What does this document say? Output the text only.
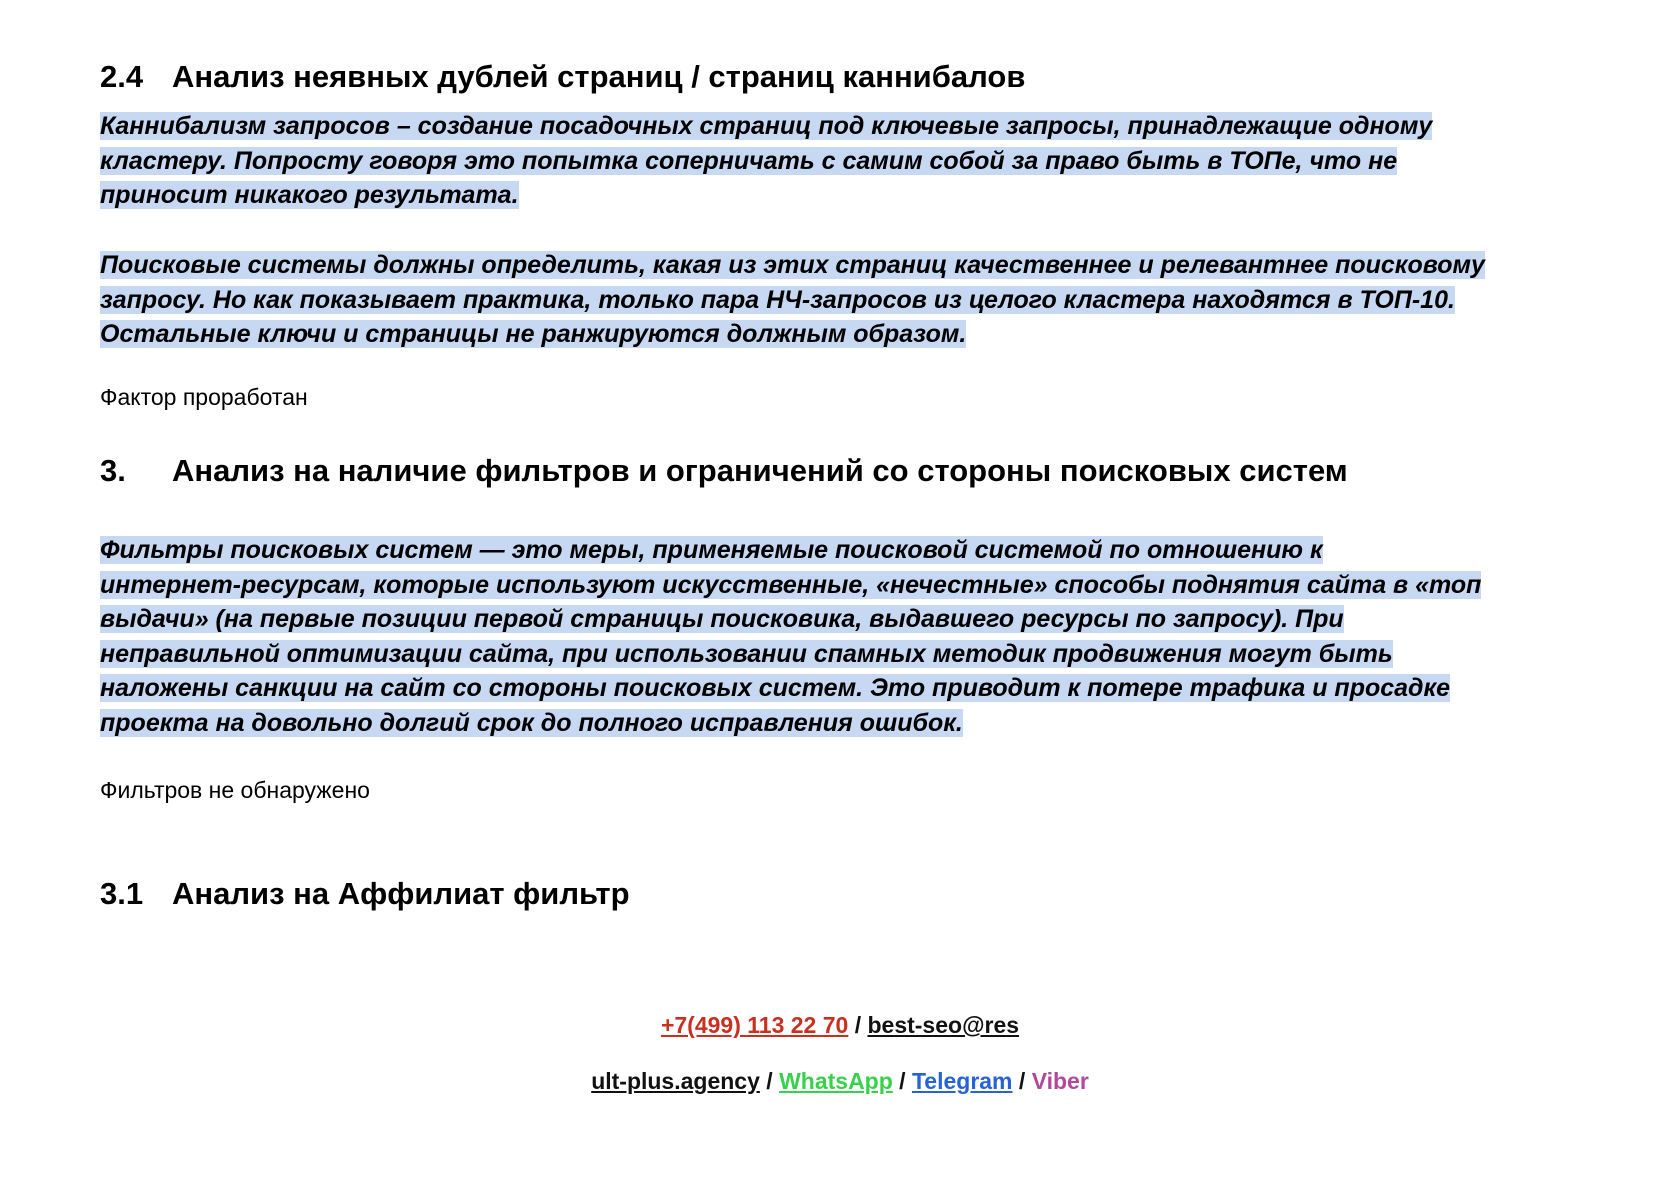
2.4 Анализ неявных дублей страниц / страниц каннибалов
Каннибализм запросов – создание посадочных страниц под ключевые запросы, принадлежащие одному
кластеру. Попросту говоря это попытка соперничать с самим собой за право быть в ТОПе, что не
приносит никакого результата.
Поисковые системы должны определить, какая из этих страниц качественнее и релевантнее поисковому
запросу. Но как показывает практика, только пара НЧ-запросов из целого кластера находятся в ТОП-10.
Остальные ключи и страницы не ранжируются должным образом.

Фактор проработан

3. Анализ на наличие фильтров и ограничений со стороны поисковых систем
Фильтры поисковых систем — это меры, применяемые поисковой системой по отношению к
интернет-ресурсам, которые используют искусственные, «нечестные» способы поднятия сайта в «топ
выдачи» (на первые позиции первой страницы поисковика, выдавшего ресурсы по запросу). При
неправильной оптимизации сайта, при использовании спамных методик продвижения могут быть
наложены санкции на сайт со стороны поисковых систем. Это приводит к потере трафика и просадке
проекта на довольно долгий срок до полного исправления ошибок.

Фильтров не обнаружено

3.1 Анализ на Аффилиат фильтр
+7(499) 113 22 70 / best-seo@res
ult-plus.agency / WhatsApp / Telegram / Viber
